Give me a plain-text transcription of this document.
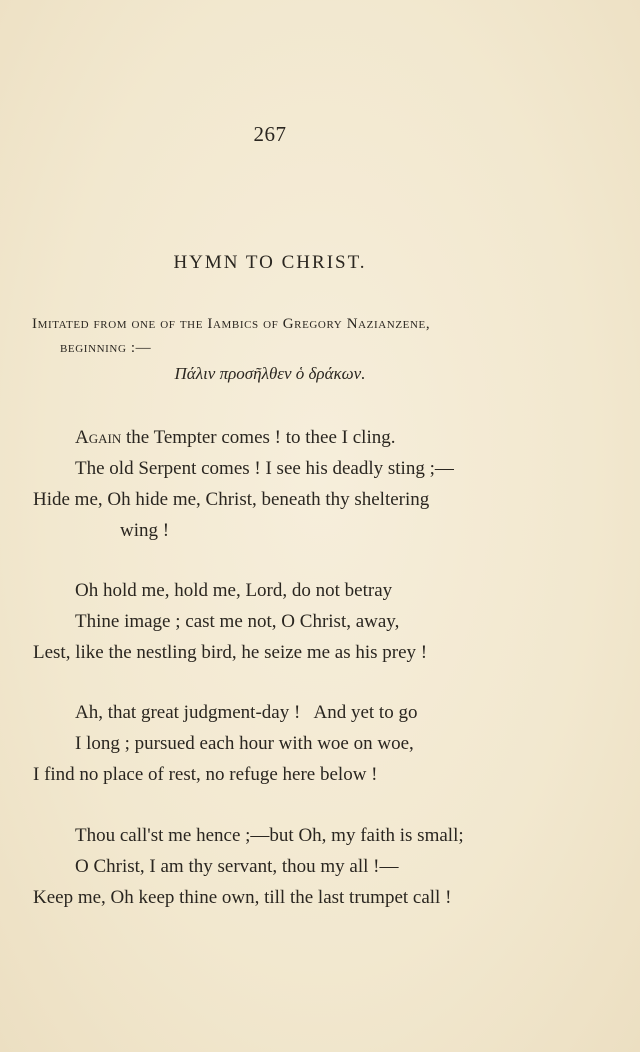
267
HYMN TO CHRIST.
Imitated from one of the Iambics of Gregory Nazianzene,
beginning :—
Πάλιν προσῆλθεν ὁ δράκων.
Again the Tempter comes ! to thee I cling.
The old Serpent comes ! I see his deadly sting ;—
Hide me, Oh hide me, Christ, beneath thy sheltering
wing !
Oh hold me, hold me, Lord, do not betray
Thine image ; cast me not, O Christ, away,
Lest, like the nestling bird, he seize me as his prey !
Ah, that great judgment-day !   And yet to go
I long ; pursued each hour with woe on woe,
I find no place of rest, no refuge here below !
Thou call'st me hence ;—but Oh, my faith is small;
O Christ, I am thy servant, thou my all !—
Keep me, Oh keep thine own, till the last trumpet call !
